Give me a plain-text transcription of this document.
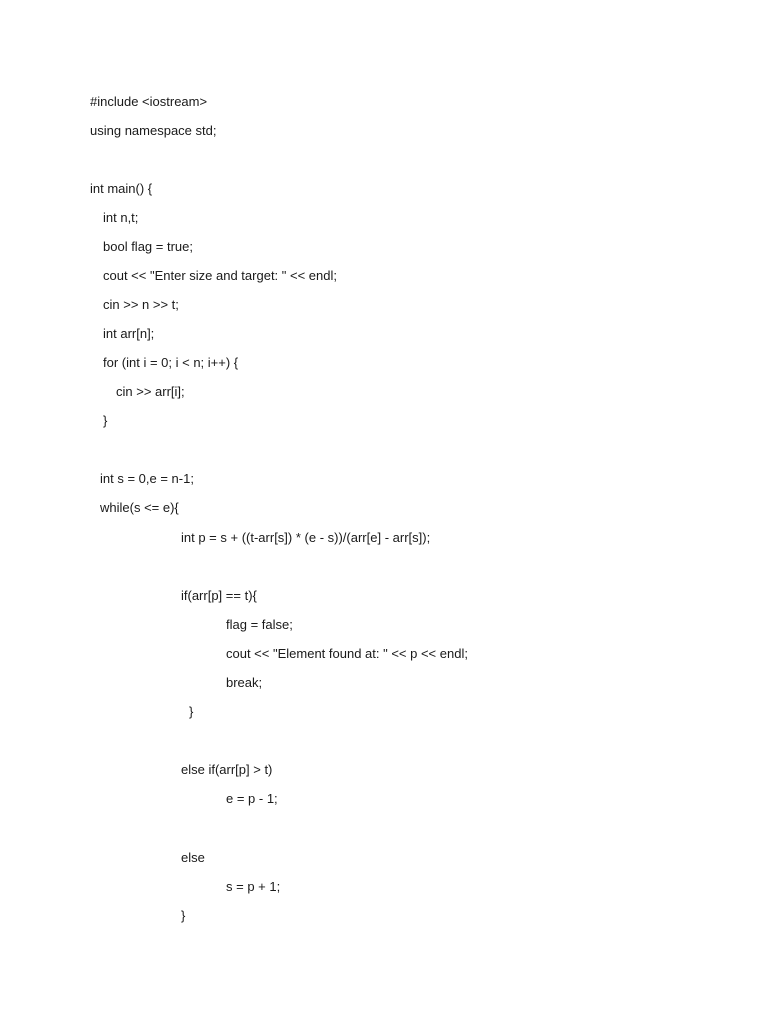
#include <iostream>
using namespace std;
int main() {
int n,t;
bool flag = true;
cout << "Enter size and target: " << endl;
cin >> n >> t;
int arr[n];
for (int i = 0; i < n; i++) {
cin >> arr[i];
}
int s = 0,e = n-1;
while(s <= e){
int p = s + ((t-arr[s]) * (e - s))/(arr[e] - arr[s]);
if(arr[p] == t){
flag = false;
cout << "Element found at: " << p << endl;
break;
}
else if(arr[p] > t)
e = p - 1;
else
s = p + 1;
}
